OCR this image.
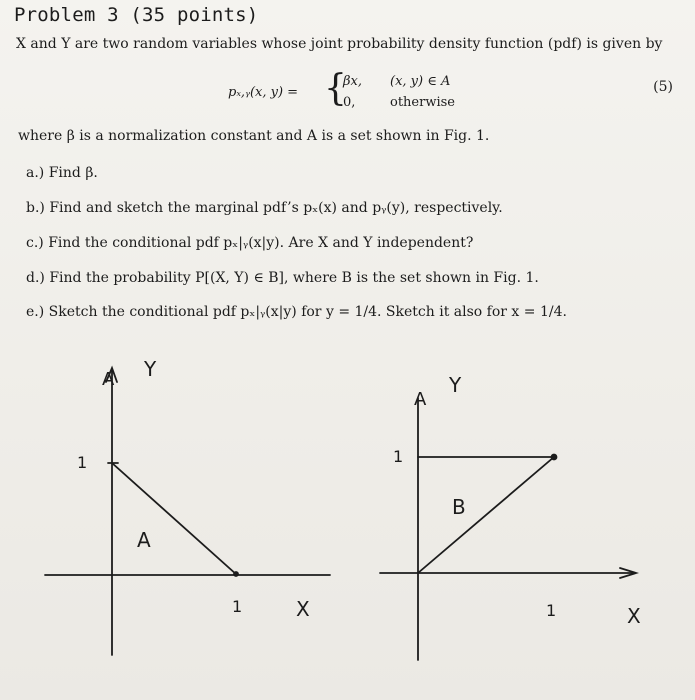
Problem 3 (35 points)
X and Y are two random variables whose joint probability density function (pdf) is given by
pₓ,ᵧ(x, y) = {
βx, (x, y) ∈ A
0,	otherwise
(5)
where β is a normalization constant and A is a set shown in Fig. 1.
a.) Find β.
b.) Find and sketch the marginal pdf’s pₓ(x) and pᵧ(y), respectively.
c.) Find the conditional pdf pₓ|ᵧ(x|y). Are X and Y independent?
d.) Find the probability P[(X, Y) ∈ B], where B is the set shown in Fig. 1.
e.) Sketch the conditional pdf pₓ|ᵧ(x|y) for y = 1/4. Sketch it also for x = 1/4.
A Y
1
A
1	X
A
Y
1
B
1	X
